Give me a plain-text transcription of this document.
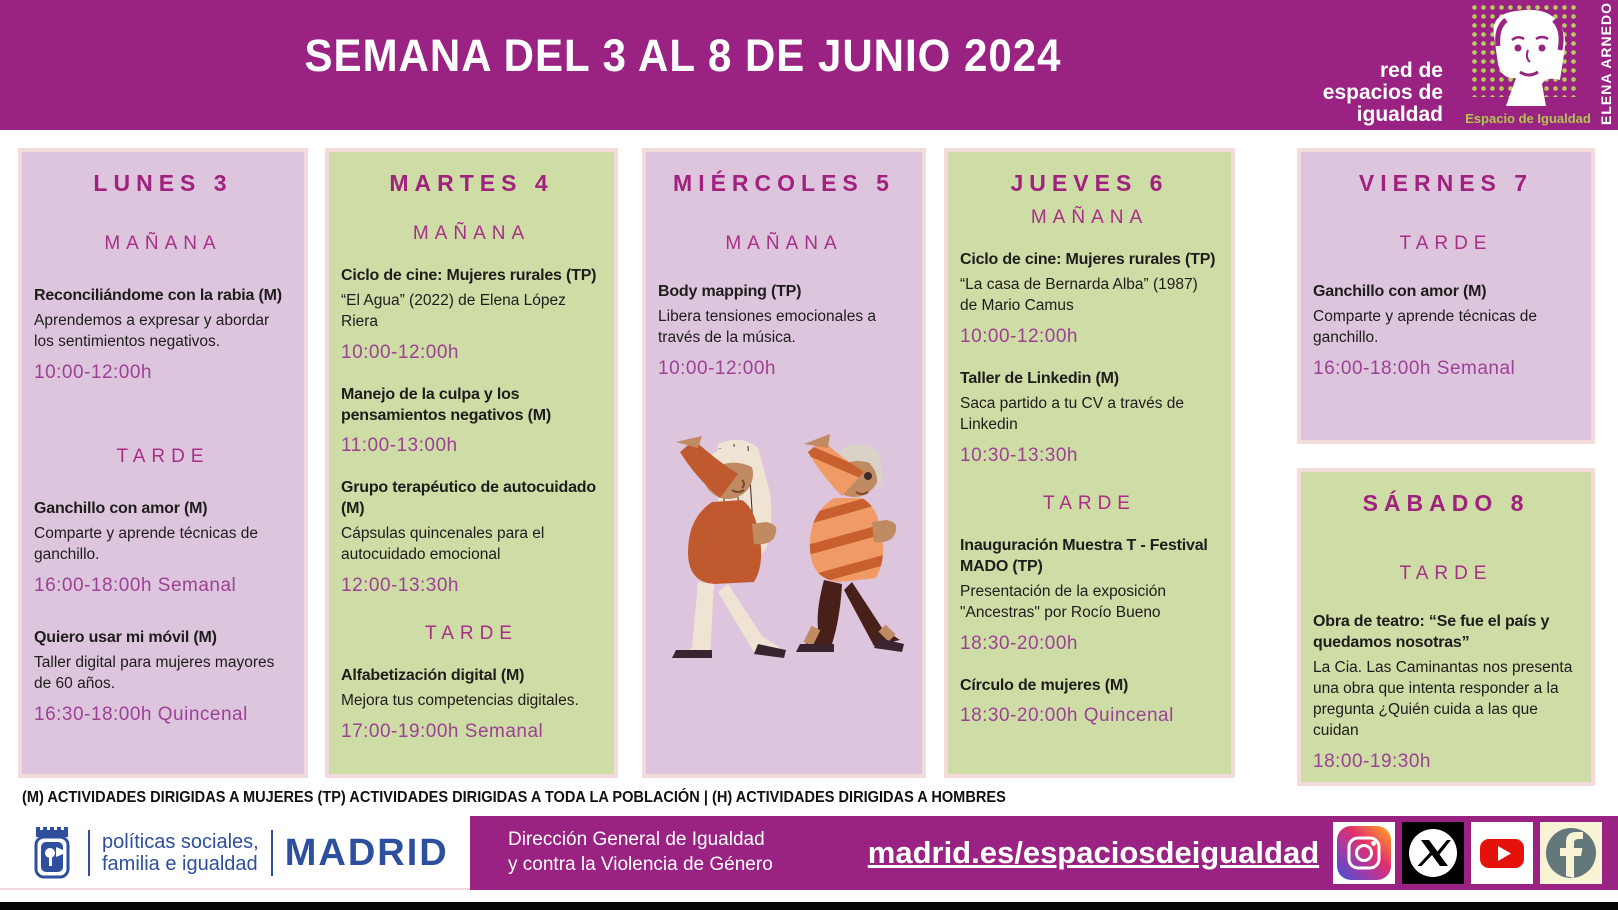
SEMANA DEL 3 AL 8 DE JUNIO 2024	red de
espacios de
igualdad	Espacio de Igualdad ELENA ARNEDO
LUNES 3
MAÑANA
Reconciliándome con la rabia (M)
Aprendemos a expresar y abordar los sentimientos negativos.
10:00-12:00h
TARDE
Ganchillo con amor (M)
Comparte y aprende técnicas de ganchillo.
16:00-18:00h Semanal
Quiero usar mi móvil (M)
Taller digital para mujeres mayores de 60 años.
16:30-18:00h Quincenal
MARTES 4
MAÑANA
Ciclo de cine: Mujeres rurales (TP)
“El Agua” (2022) de Elena López Riera
10:00-12:00h
Manejo de la culpa y los pensamientos negativos (M)
11:00-13:00h
Grupo terapéutico de autocuidado (M)
Cápsulas quincenales para el autocuidado emocional
12:00-13:30h
TARDE
Alfabetización digital (M)
Mejora tus competencias digitales.
17:00-19:00h Semanal
MIÉRCOLES 5
MAÑANA
Body mapping (TP)
Libera tensiones emocionales a través de la música.
10:00-12:00h
JUEVES 6
MAÑANA
Ciclo de cine: Mujeres rurales (TP)
“La casa de Bernarda Alba” (1987) de Mario Camus
10:00-12:00h
Taller de Linkedin (M)
Saca partido a tu CV a través de Linkedin
10:30-13:30h
TARDE
Inauguración Muestra T - Festival MADO (TP)
Presentación de la exposición "Ancestras" por Rocío Bueno
18:30-20:00h
Círculo de mujeres (M)
18:30-20:00h Quincenal
VIERNES 7
TARDE
Ganchillo con amor (M)
Comparte y aprende técnicas de ganchillo.
16:00-18:00h Semanal
SÁBADO 8
TARDE
Obra de teatro: “Se fue el país y quedamos nosotras”
La Cia. Las Caminantas nos presenta una obra que intenta responder a la pregunta ¿Quién cuida a las que cuidan
18:00-19:30h
(M) ACTIVIDADES DIRIGIDAS A MUJERES (TP) ACTIVIDADES DIRIGIDAS A TODA LA POBLACIÓN | (H) ACTIVIDADES DIRIGIDAS A HOMBRES
políticas sociales,
familia e igualdad MADRID	Dirección General de Igualdad
y contra la Violencia de Género	madrid.es/espaciosdeigualdad
